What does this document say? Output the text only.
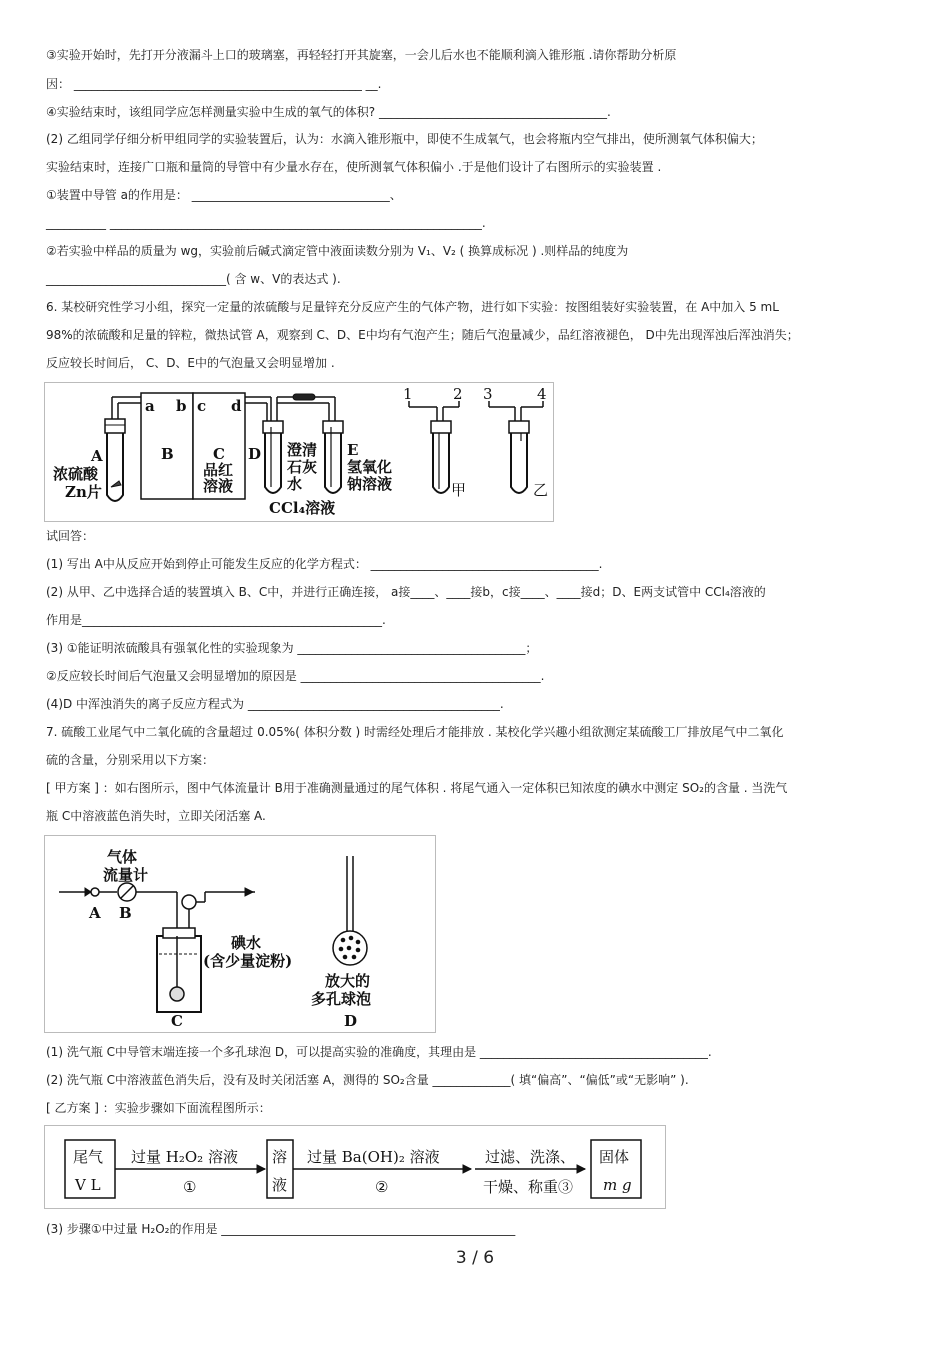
③实验开始时，先打开分液漏斗上口的玻璃塞，再轻轻打开其旋塞，一会儿后水也不能顺利滴入锥形瓶 .请你帮助分析原
因： ________________________________________________ __.
④实验结束时，该组同学应怎样测量实验中生成的氧气的体积? ______________________________________.
(2) 乙组同学仔细分析甲组同学的实验装置后，认为：水滴入锥形瓶中，即使不生成氧气，也会将瓶内空气排出，使所测氧气体积偏大；
实验结束时，连接广口瓶和量筒的导管中有少量水存在，使所测氧气体积偏小 .于是他们设计了右图所示的实验装置 .
①装置中导管 a的作用是： _________________________________、
__________ ______________________________________________________________.
②若实验中样品的质量为 wg，实验前后碱式滴定管中液面读数分别为 V₁、V₂ ( 换算成标况 ) .则样品的纯度为
______________________________( 含 w、V的表达式 ).
6. 某校研究性学习小组，探究一定量的浓硫酸与足量锌充分反应产生的气体产物，进行如下实验：按图组装好实验装置，在 A中加入 5 mL
98%的浓硫酸和足量的锌粒，微热试管 A，观察到 C、D、E中均有气泡产生；随后气泡量减少，品红溶液褪色， D中先出现浑浊后浑浊消失；
反应较长时间后， C、D、E中的气泡量又会明显增加 .
a b c d
A
浓硫酸
Zn片
B	C
品红
溶液
D 澄清
石灰
水
E
氢氧化
钠溶液
CCl₄溶液
1	2 3	4
甲	乙
试回答：
(1) 写出 A中从反应开始到停止可能发生反应的化学方程式： ______________________________________.
(2) 从甲、乙中选择合适的装置填入 B、C中，并进行正确连接， a接____、____接b，c接____、____接d；D、E两支试管中 CCl₄溶液的
作用是__________________________________________________.
(3) ①能证明浓硫酸具有强氧化性的实验现象为 ______________________________________；
②反应较长时间后气泡量又会明显增加的原因是 ________________________________________.
(4)D 中浑浊消失的离子反应方程式为 __________________________________________.
7. 硫酸工业尾气中二氧化硫的含量超过 0.05%( 体积分数 ) 时需经处理后才能排放 . 某校化学兴趣小组欲测定某硫酸工厂排放尾气中二氧化
硫的含量，分别采用以下方案：
[ 甲方案 ] ：如右图所示，图中气体流量计 B用于准确测量通过的尾气体积 . 将尾气通入一定体积已知浓度的碘水中测定 SO₂的含量 . 当洗气
瓶 C中溶液蓝色消失时，立即关闭活塞 A.
气体
流量计
A B
碘水
(含少量淀粉)
C
放大的
多孔球泡
D
(1) 洗气瓶 C中导管末端连接一个多孔球泡 D，可以提高实验的准确度，其理由是 ______________________________________.
(2) 洗气瓶 C中溶液蓝色消失后，没有及时关闭活塞 A，测得的 SO₂含量 _____________( 填“偏高”、“偏低”或“无影响” ).
[ 乙方案 ] ：实验步骤如下面流程图所示：
尾气
V L
过量 H₂O₂ 溶液
①
溶
液
过量 Ba(OH)₂ 溶液
②
过滤、洗涤、
干燥、称重③
固体
m g
(3) 步骤①中过量 H₂O₂的作用是 _________________________________________________
3 / 6
